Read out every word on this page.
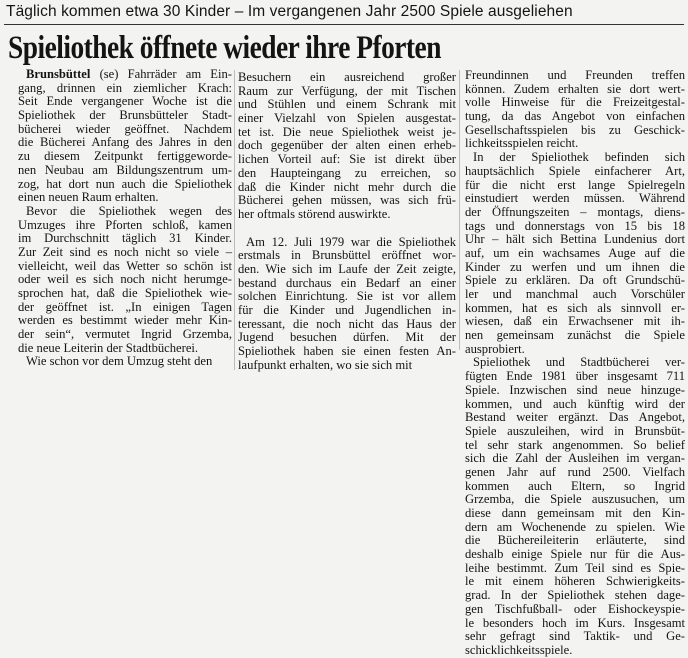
Täglich kommen etwa 30 Kinder – Im vergangenen Jahr 2500 Spiele ausgeliehen
Spieliothek öffnete wieder ihre Pforten
Brunsbüttel (se) Fahrräder am Ein-
gang, drinnen ein ziemlicher Krach:
Seit Ende vergangener Woche ist die
Spieliothek der Brunsbütteler Stadt-
bücherei wieder geöffnet. Nachdem
die Bücherei Anfang des Jahres in den
zu diesem Zeitpunkt fertiggeworde-
nen Neubau am Bildungszentrum um-
zog, hat dort nun auch die Spieliothek
einen neuen Raum erhalten.
Bevor die Spieliothek wegen des
Umzuges ihre Pforten schloß, kamen
im Durchschnitt täglich 31 Kinder.
Zur Zeit sind es noch nicht so viele –
vielleicht, weil das Wetter so schön ist
oder weil es sich noch nicht herumge-
sprochen hat, daß die Spieliothek wie-
der geöffnet ist. „In einigen Tagen
werden es bestimmt wieder mehr Kin-
der sein“, vermutet Ingrid Grzemba,
die neue Leiterin der Stadtbücherei.
Wie schon vor dem Umzug steht den
Besuchern ein ausreichend großer
Raum zur Verfügung, der mit Tischen
und Stühlen und einem Schrank mit
einer Vielzahl von Spielen ausgestat-
tet ist. Die neue Spieliothek weist je-
doch gegenüber der alten einen erheb-
lichen Vorteil auf: Sie ist direkt über
den Haupteingang zu erreichen, so
daß die Kinder nicht mehr durch die
Bücherei gehen müssen, was sich frü-
her oftmals störend auswirkte.
Am 12. Juli 1979 war die Spieliothek
erstmals in Brunsbüttel eröffnet wor-
den. Wie sich im Laufe der Zeit zeigte,
bestand durchaus ein Bedarf an einer
solchen Einrichtung. Sie ist vor allem
für die Kinder und Jugendlichen in-
teressant, die noch nicht das Haus der
Jugend besuchen dürfen. Mit der
Spieliothek haben sie einen festen An-
laufpunkt erhalten, wo sie sich mit
Freundinnen und Freunden treffen
können. Zudem erhalten sie dort wert-
volle Hinweise für die Freizeitgestal-
tung, da das Angebot von einfachen
Gesellschaftsspielen bis zu Geschick-
lichkeitsspielen reicht.
In der Spieliothek befinden sich
hauptsächlich Spiele einfacherer Art,
für die nicht erst lange Spielregeln
einstudiert werden müssen. Während
der Öffnungszeiten – montags, diens-
tags und donnerstags von 15 bis 18
Uhr – hält sich Bettina Lundenius dort
auf, um ein wachsames Auge auf die
Kinder zu werfen und um ihnen die
Spiele zu erklären. Da oft Grundschü-
ler und manchmal auch Vorschüler
kommen, hat es sich als sinnvoll er-
wiesen, daß ein Erwachsener mit ih-
nen gemeinsam zunächst die Spiele
ausprobiert.
Spieliothek und Stadtbücherei ver-
fügten Ende 1981 über insgesamt 711
Spiele. Inzwischen sind neue hinzuge-
kommen, und auch künftig wird der
Bestand weiter ergänzt. Das Angebot,
Spiele auszuleihen, wird in Brunsbüt-
tel sehr stark angenommen. So belief
sich die Zahl der Ausleihen im vergan-
genen Jahr auf rund 2500. Vielfach
kommen auch Eltern, so Ingrid
Grzemba, die Spiele auszusuchen, um
diese dann gemeinsam mit den Kin-
dern am Wochenende zu spielen. Wie
die Büchereileiterin erläuterte, sind
deshalb einige Spiele nur für die Aus-
leihe bestimmt. Zum Teil sind es Spie-
le mit einem höheren Schwierigkeits-
grad. In der Spieliothek stehen dage-
gen Tischfußball- oder Eishockeyspie-
le besonders hoch im Kurs. Insgesamt
sehr gefragt sind Taktik- und Ge-
schicklichkeitsspiele.
